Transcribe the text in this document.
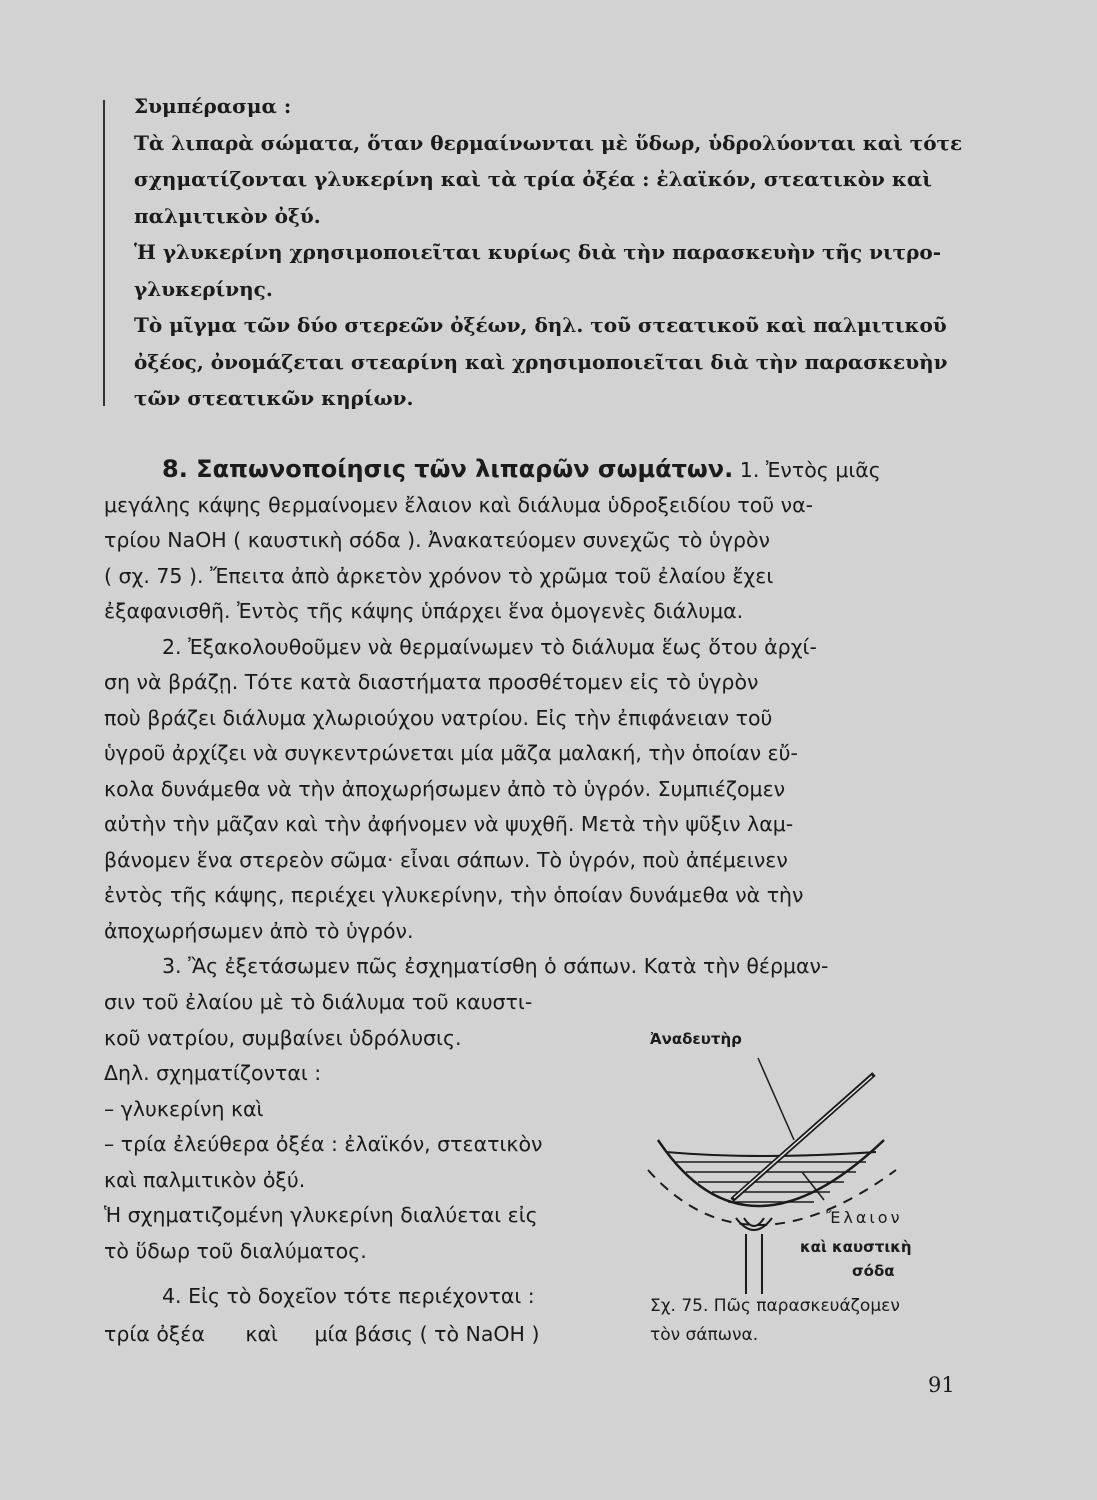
Συμπέρασμα :
Τὰ λιπαρὰ σώματα, ὅταν θερμαίνωνται μὲ ὕδωρ, ὑδρολύονται καὶ τότε
σχηματίζονται γλυκερίνη καὶ τὰ τρία ὀξέα : ἐλαϊκόν, στεατικὸν καὶ
παλμιτικὸν ὀξύ.
Ἡ γλυκερίνη χρησιμοποιεῖται κυρίως διὰ τὴν παρασκευὴν τῆς νιτρο-
γλυκερίνης.
Τὸ μῖγμα τῶν δύο στερεῶν ὀξέων, δηλ. τοῦ στεατικοῦ καὶ παλμιτικοῦ
ὀξέος, ὀνομάζεται στεαρίνη καὶ χρησιμοποιεῖται διὰ τὴν παρασκευὴν
τῶν στεατικῶν κηρίων.
8. Σαπωνοποίησις τῶν λιπαρῶν σωμάτων. 1. Ἐντὸς μιᾶς
μεγάλης κάψης θερμαίνομεν ἔλαιον καὶ διάλυμα ὑδροξειδίου τοῦ να-
τρίου NaOH ( καυστικὴ σόδα ). Ἀνακατεύομεν συνεχῶς τὸ ὑγρὸν
( σχ. 75 ). Ἔπειτα ἀπὸ ἀρκετὸν χρόνον τὸ χρῶμα τοῦ ἐλαίου ἔχει
ἐξαφανισθῆ. Ἐντὸς τῆς κάψης ὑπάρχει ἕνα ὁμογενὲς διάλυμα.
2. Ἐξακολουθοῦμεν νὰ θερμαίνωμεν τὸ διάλυμα ἕως ὅτου ἀρχί-
ση νὰ βράζῃ. Τότε κατὰ διαστήματα προσθέτομεν εἰς τὸ ὑγρὸν
ποὺ βράζει διάλυμα χλωριούχου νατρίου. Εἰς τὴν ἐπιφάνειαν τοῦ
ὑγροῦ ἀρχίζει νὰ συγκεντρώνεται μία μᾶζα μαλακή, τὴν ὁποίαν εὔ-
κολα δυνάμεθα νὰ τὴν ἀποχωρήσωμεν ἀπὸ τὸ ὑγρόν. Συμπιέζομεν
αὐτὴν τὴν μᾶζαν καὶ τὴν ἀφήνομεν νὰ ψυχθῆ. Μετὰ τὴν ψῦξιν λαμ-
βάνομεν ἕνα στερεὸν σῶμα· εἶναι σάπων. Τὸ ὑγρόν, ποὺ ἀπέμεινεν
ἐντὸς τῆς κάψης, περιέχει γλυκερίνην, τὴν ὁποίαν δυνάμεθα νὰ τὴν
ἀποχωρήσωμεν ἀπὸ τὸ ὑγρόν.
3. Ἂς ἐξετάσωμεν πῶς ἐσχηματίσθη ὁ σάπων. Κατὰ τὴν θέρμαν-
σιν τοῦ ἐλαίου μὲ τὸ διάλυμα τοῦ καυστι-
κοῦ νατρίου, συμβαίνει ὑδρόλυσις.
Δηλ. σχηματίζονται :
– γλυκερίνη καὶ
– τρία ἐλεύθερα ὀξέα : ἐλαϊκόν, στεατικὸν
καὶ παλμιτικὸν ὀξύ.
Ἡ σχηματιζομένη γλυκερίνη διαλύεται εἰς
τὸ ὕδωρ τοῦ διαλύματος.
4. Εἰς τὸ δοχεῖον τότε περιέχονται :
τρία ὀξέα καὶ μία βάσις ( τὸ NaOH )
Ἀναδευτὴρ
Ἔλαιον
καὶ καυστικὴ
σόδα
Σχ. 75. Πῶς παρασκευάζομεν
τὸν σάπωνα.
91
